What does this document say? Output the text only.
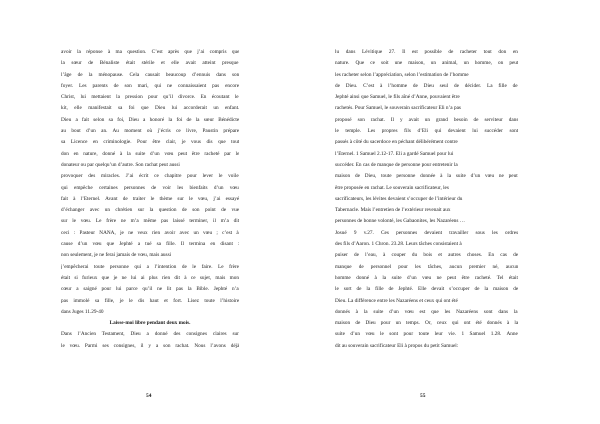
avoir la réponse à ma question. C’est après que j’ai compris que
la sœur de Bénaliste était stérile et elle avait atteint presque
l’âge de la ménopause. Cela causait beaucoup d’ennuis dans son
foyer. Les parents de son mari, qui ne connaissaient pas encore
Christ, lui mettaient la pression pour qu’il divorce. En écoutant le
kit, elle manifestait sa foi que Dieu lui accorderait un enfant.
Dieu a fait selon sa foi, Dieu a honoré la foi de la sœur Bénédicte
au bout d’un an. Au moment où j’écris ce livre, Paustin prépare
sa Licence en criminologie. Pour être clair, je vous dis que tout
don en nature, donné à la suite d’un vœu peut être racheté par le
donateur ou par quelqu’un d’autre. Son rachat peut aussi
provoquer des miracles. J’ai écrit ce chapitre pour lever le voile
qui empêche certaines personnes de voir les bienfaits d’un vœu
fait à l’Eternel. Avant de traiter le thème sur le vœu, j’ai essayé
d’échanger avec un chrétien sur la question de son point de vue
sur le vœu. Le frère ne m’a même pas laissé terminer, il m’a dit
ceci : Pasteur NANA, je ne veux rien avoir avec un vœu ; c’est à
cause d’un vœu que Jephté a tué sa fille. Il termina en disant :
non seulement, je ne ferai jamais de vœu, mais aussi
j’empêcherai toute personne qui a l’intention de le faire. Le frère
était si furieux que je ne lui ai plus rien dit à ce sujet, mais mon
cœur a saigné pour lui parce qu’il ne lit pas la Bible. Jephté n’a
pas immolé sa fille, je le dis haut et fort. Lisez toute l’histoire
dans Juges 11.29-40
Laisse-moi libre pendant deux mois.
Dans l’Ancien Testament, Dieu a donné des consignes claires sur
le vœu. Parmi ses consignes, il y a son rachat. Nous l’avons déjà
54
lu dans Lévitique 27. Il est possible de racheter tout don en
nature. Que ce soit une maison, un animal, un homme, on peut
les racheter selon l’appréciation, selon l’estimation de l’homme
de Dieu. C’est à l’homme de Dieu seul de décider. La fille de
Jephté ainsi que Samuel, le fils aîné d’Anne, pouvaient être
rachetés. Pour Samuel, le souverain sacrificateur Eli n’a pas
proposé son rachat. Il y avait un grand besoin de serviteur dans
le temple. Les propres fils d’Eli qui devaient lui succéder sont
passés à côté du sacerdoce en péchant délibérément contre
l’Eternel. 1 Samuel 2.12-17. Eli a gardé Samuel pour lui
succéder. En cas de manque de personne pour entretenir la
maison de Dieu, toute personne donnée à la suite d’un vœu ne peut
être proposée en rachat. Le souverain sacrificateur, les
sacrificateurs, les lévites devaient s’occuper de l’intérieur du
Tabernacle. Mais l’entretien de l’extérieur revenait aux
personnes de bonne volonté, les Gabaonites, les Nazaréens …
Josué 9 v.27. Ces personnes devaient travailler sous les ordres
des fils d’Aaron. 1 Chron. 23.28. Leurs tâches consistaient à
puiser de l’eau, à couper du bois et autres choses. En cas de
manque de personnel pour les tâches, aucun premier né, aucun
homme donné à la suite d’un vœu ne peut être racheté. Tel était
le sort de la fille de Jephté. Elle devait s’occuper de la maison de
Dieu. La différence entre les Nazaréens et ceux qui ont été
donnés à la suite d’un vœu est que les Nazaréens sont dans la
maison de Dieu pour un temps. Or, ceux qui ont été donnés à la
suite d’un vœu le sont pour toute leur vie. 1 Samuel 1.28. Anne
dit au souverain sacrificateur Eli à propos du petit Samuel:
55
